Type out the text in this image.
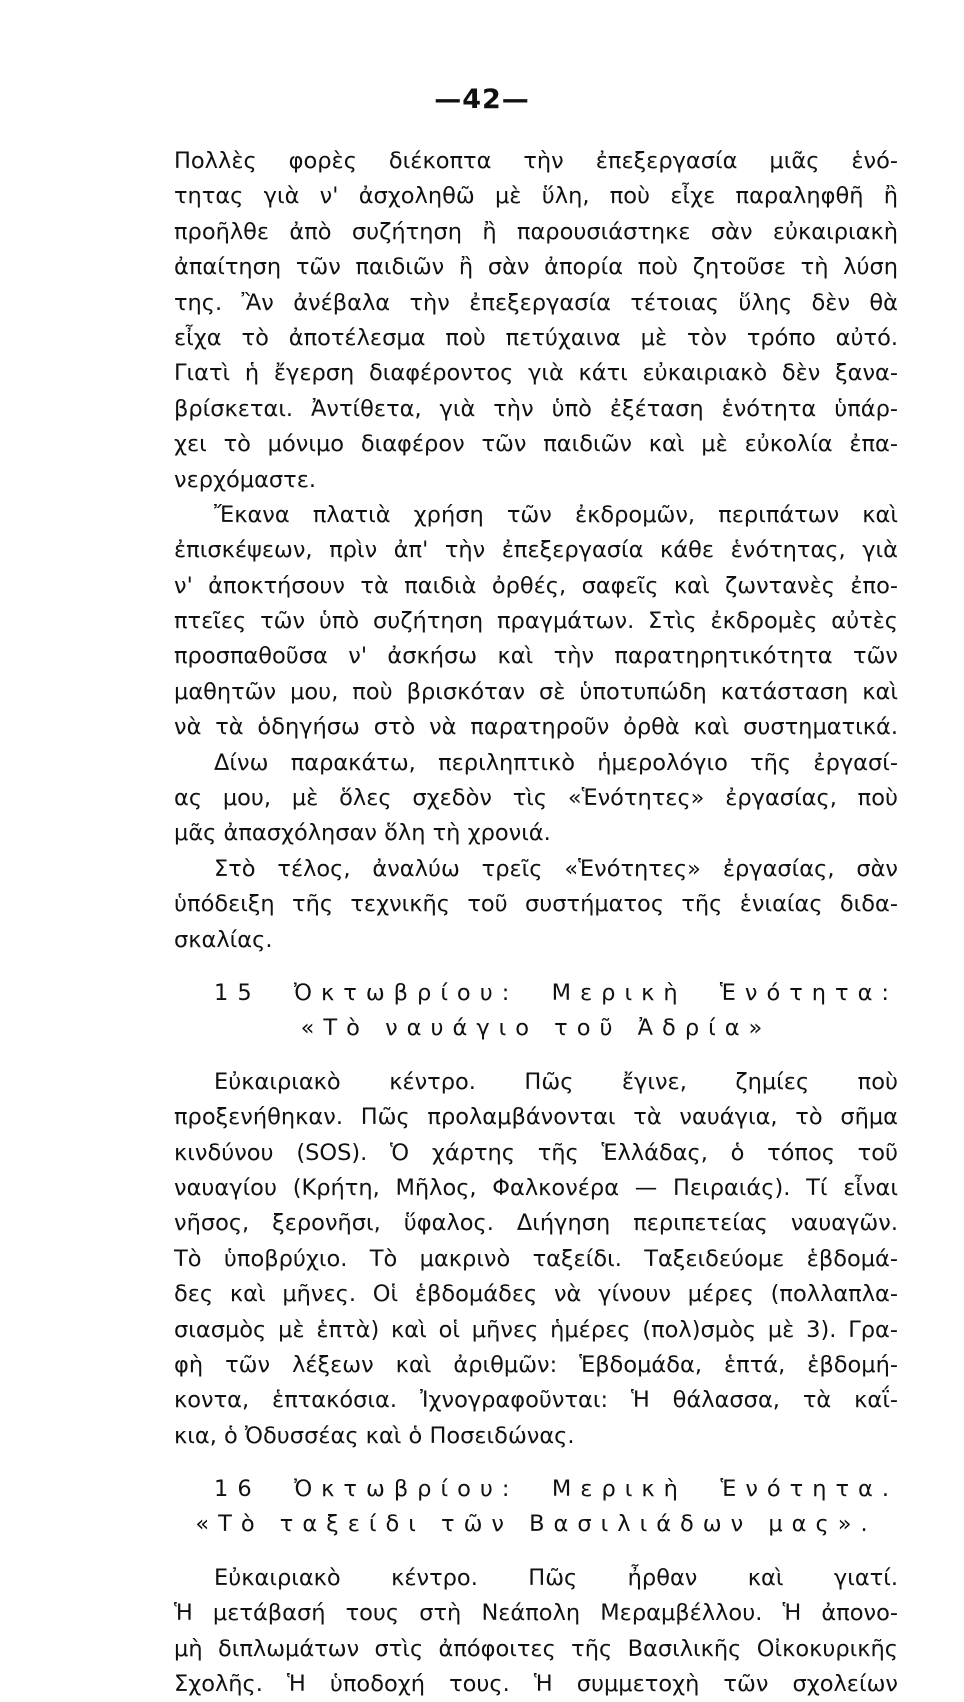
—42—
Πολλὲς φορὲς διέκοπτα τὴν ἐπεξεργασία μιᾶς ἑνό-
τητας γιὰ ν' ἀσχοληθῶ μὲ ὕλη, ποὺ εἶχε παραληφθῆ ἢ
προῆλθε ἀπὸ συζήτηση ἢ παρουσιάστηκε σὰν εὐκαιριακὴ
ἀπαίτηση τῶν παιδιῶν ἢ σὰν ἀπορία ποὺ ζητοῦσε τὴ λύση
της. Ἂν ἀνέβαλα τὴν ἐπεξεργασία τέτοιας ὕλης δὲν θὰ
εἶχα τὸ ἀποτέλεσμα ποὺ πετύχαινα μὲ τὸν τρόπο αὐτό.
Γιατὶ ἡ ἔγερση διαφέροντος γιὰ κάτι εὐκαιριακὸ δὲν ξανα-
βρίσκεται. Ἀντίθετα, γιὰ τὴν ὑπὸ ἐξέταση ἑνότητα ὑπάρ-
χει τὸ μόνιμο διαφέρον τῶν παιδιῶν καὶ μὲ εὐκολία ἐπα-
νερχόμαστε.
Ἔκανα πλατιὰ χρήση τῶν ἐκδρομῶν, περιπάτων καὶ
ἐπισκέψεων, πρὶν ἀπ' τὴν ἐπεξεργασία κάθε ἑνότητας, γιὰ
ν' ἀποκτήσουν τὰ παιδιὰ ὀρθές, σαφεῖς καὶ ζωντανὲς ἐπο-
πτεῖες τῶν ὑπὸ συζήτηση πραγμάτων. Στὶς ἐκδρομὲς αὐτὲς
προσπαθοῦσα ν' ἀσκήσω καὶ τὴν παρατηρητικότητα τῶν
μαθητῶν μου, ποὺ βρισκόταν σὲ ὑποτυπώδη κατάσταση καὶ
νὰ τὰ ὁδηγήσω στὸ νὰ παρατηροῦν ὀρθὰ καὶ συστηματικά.
Δίνω παρακάτω, περιληπτικὸ ἡμερολόγιο τῆς ἐργασί-
ας μου, μὲ ὅλες σχεδὸν τὶς «Ἑνότητες» ἐργασίας, ποὺ
μᾶς ἀπασχόλησαν ὅλη τὴ χρονιά.
Στὸ τέλος, ἀναλύω τρεῖς «Ἑνότητες» ἐργασίας, σὰν
ὑπόδειξη τῆς τεχνικῆς τοῦ συστήματος τῆς ἑνιαίας διδα-
σκαλίας.
15 Ὀκτωβρίου: Μερικὴ Ἑνότητα:
«Τὸ ναυάγιο τοῦ Ἀδρία»
Εὐκαιριακὸ κέντρο. Πῶς ἔγινε, ζημίες ποὺ
προξενήθηκαν. Πῶς προλαμβάνονται τὰ ναυάγια, τὸ σῆμα
κινδύνου (SOS). Ὁ χάρτης τῆς Ἑλλάδας, ὁ τόπος τοῦ
ναυαγίου (Κρήτη, Μῆλος, Φαλκονέρα — Πειραιάς). Τί εἶναι
νῆσος, ξερονῆσι, ὕφαλος. Διήγηση περιπετείας ναυαγῶν.
Τὸ ὑποβρύχιο. Τὸ μακρινὸ ταξείδι. Ταξειδεύομε ἑβδομά-
δες καὶ μῆνες. Οἱ ἑβδομάδες νὰ γίνουν μέρες (πολλαπλα-
σιασμὸς μὲ ἑπτὰ) καὶ οἱ μῆνες ἡμέρες (πολ)σμὸς μὲ 3). Γρα-
φὴ τῶν λέξεων καὶ ἀριθμῶν: Ἑβδομάδα, ἑπτά, ἑβδομή-
κοντα, ἑπτακόσια. Ἰχνογραφοῦνται: Ἡ θάλασσα, τὰ καΐ-
κια, ὁ Ὀδυσσέας καὶ ὁ Ποσειδώνας.
16 Ὀκτωβρίου: Μερικὴ Ἑνότητα.
«Τὸ ταξείδι τῶν Βασιλιάδων μας».
Εὐκαιριακὸ κέντρο. Πῶς ἦρθαν καὶ γιατί.
Ἡ μετάβασή τους στὴ Νεάπολη Μεραμβέλλου. Ἡ ἀπονο-
μὴ διπλωμάτων στὶς ἀπόφοιτες τῆς Βασιλικῆς Οἰκοκυρικῆς
Σχολῆς. Ἡ ὑποδοχή τους. Ἡ συμμετοχὴ τῶν σχολείων
